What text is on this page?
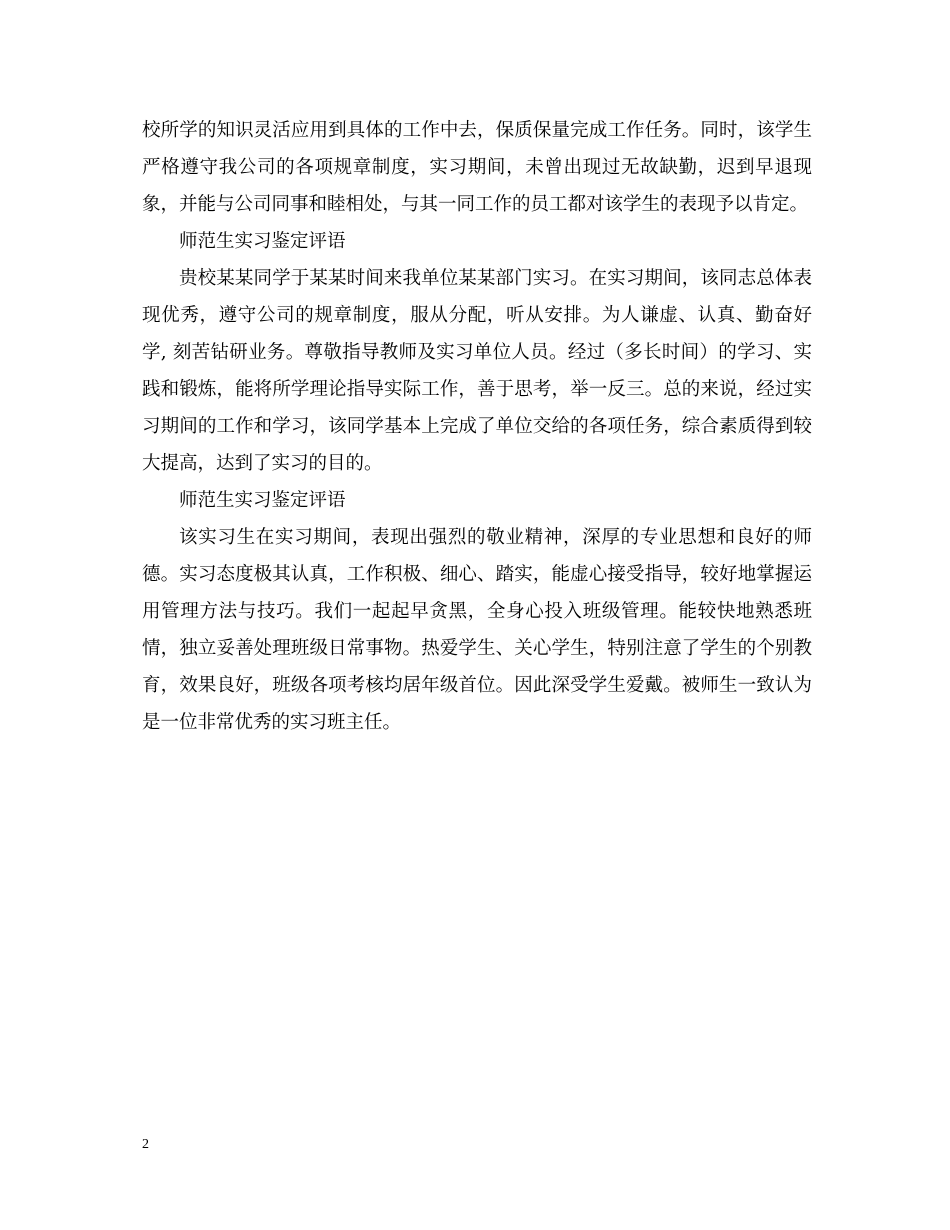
校所学的知识灵活应用到具体的工作中去，保质保量完成工作任务。同时，该学生严格遵守我公司的各项规章制度，实习期间，未曾出现过无故缺勤，迟到早退现象，并能与公司同事和睦相处，与其一同工作的员工都对该学生的表现予以肯定。

师范生实习鉴定评语

贵校某某同学于某某时间来我单位某某部门实习。在实习期间，该同志总体表现优秀，遵守公司的规章制度，服从分配，听从安排。为人谦虚、认真、勤奋好学, 刻苦钻研业务。尊敬指导教师及实习单位人员。经过（多长时间）的学习、实践和锻炼，能将所学理论指导实际工作，善于思考，举一反三。总的来说，经过实习期间的工作和学习，该同学基本上完成了单位交给的各项任务，综合素质得到较大提高，达到了实习的目的。

师范生实习鉴定评语

该实习生在实习期间，表现出强烈的敬业精神，深厚的专业思想和良好的师德。实习态度极其认真，工作积极、细心、踏实，能虚心接受指导，较好地掌握运用管理方法与技巧。我们一起起早贪黑，全身心投入班级管理。能较快地熟悉班情，独立妥善处理班级日常事物。热爱学生、关心学生，特别注意了学生的个别教育，效果良好，班级各项考核均居年级首位。因此深受学生爱戴。被师生一致认为是一位非常优秀的实习班主任。

2
